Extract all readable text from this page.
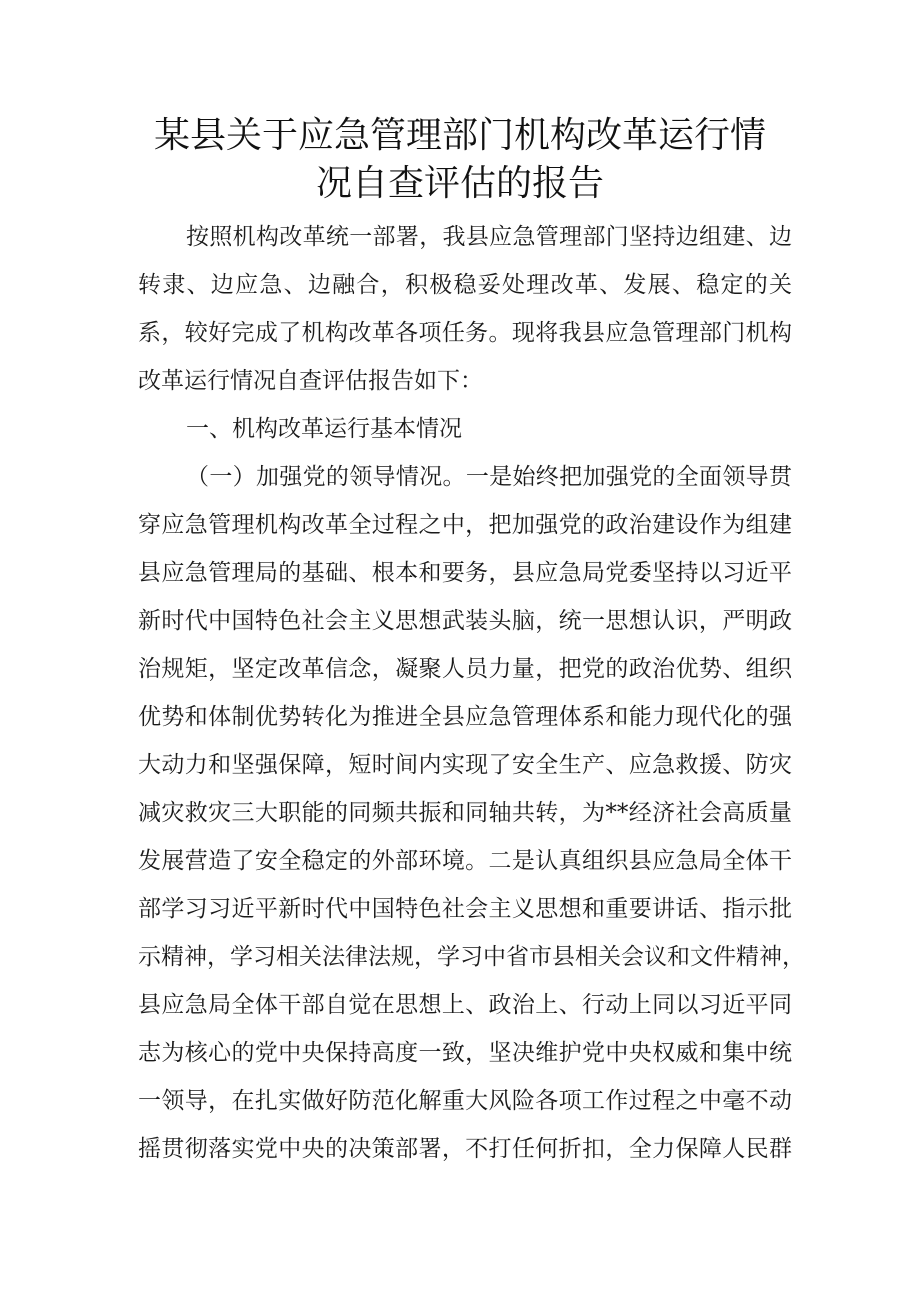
某县关于应急管理部门机构改革运行情
况自查评估的报告
按照机构改革统一部署，我县应急管理部门坚持边组建、边
转隶、边应急、边融合，积极稳妥处理改革、发展、稳定的关
系，较好完成了机构改革各项任务。现将我县应急管理部门机构
改革运行情况自查评估报告如下：
一、机构改革运行基本情况
（一）加强党的领导情况。一是始终把加强党的全面领导贯
穿应急管理机构改革全过程之中，把加强党的政治建设作为组建
县应急管理局的基础、根本和要务，县应急局党委坚持以习近平
新时代中国特色社会主义思想武装头脑，统一思想认识，严明政
治规矩，坚定改革信念，凝聚人员力量，把党的政治优势、组织
优势和体制优势转化为推进全县应急管理体系和能力现代化的强
大动力和坚强保障，短时间内实现了安全生产、应急救援、防灾
减灾救灾三大职能的同频共振和同轴共转，为**经济社会高质量
发展营造了安全稳定的外部环境。二是认真组织县应急局全体干
部学习习近平新时代中国特色社会主义思想和重要讲话、指示批
示精神，学习相关法律法规，学习中省市县相关会议和文件精神，
县应急局全体干部自觉在思想上、政治上、行动上同以习近平同
志为核心的党中央保持高度一致，坚决维护党中央权威和集中统
一领导，在扎实做好防范化解重大风险各项工作过程之中毫不动
摇贯彻落实党中央的决策部署，不打任何折扣，全力保障人民群
